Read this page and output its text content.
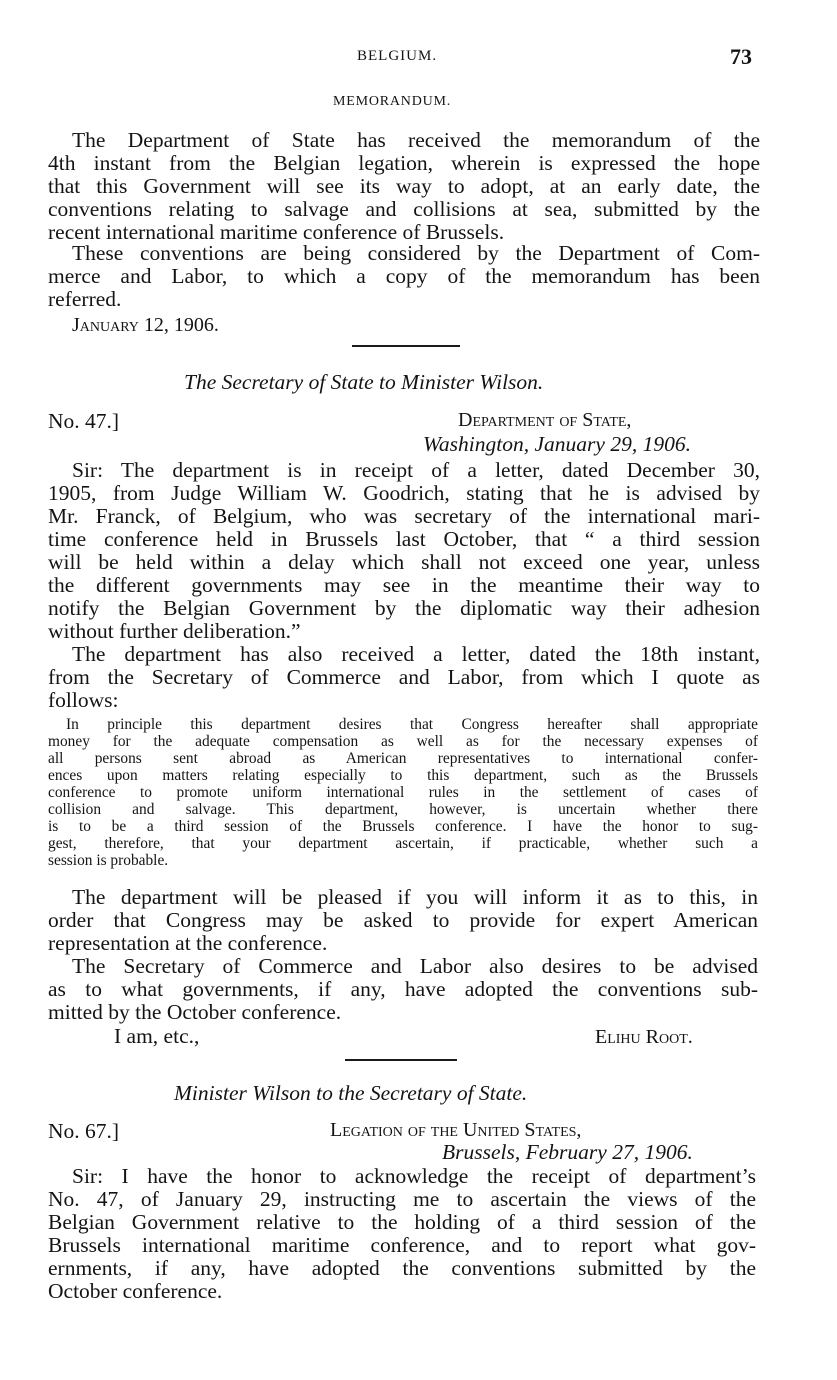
BELGIUM.	73
MEMORANDUM.
The Department of State has received the memorandum of the
4th instant from the Belgian legation, wherein is expressed the hope
that this Government will see its way to adopt, at an early date, the
conventions relating to salvage and collisions at sea, submitted by the
recent international maritime conference of Brussels.
These conventions are being considered by the Department of Com-
merce and Labor, to which a copy of the memorandum has been
referred.
January 12, 1906.
The Secretary of State to Minister Wilson.
No. 47.]	Department of State,
Washington, January 29, 1906.
Sir: The department is in receipt of a letter, dated December 30,
1905, from Judge William W. Goodrich, stating that he is advised by
Mr. Franck, of Belgium, who was secretary of the international mari-
time conference held in Brussels last October, that “ a third session
will be held within a delay which shall not exceed one year, unless
the different governments may see in the meantime their way to
notify the Belgian Government by the diplomatic way their adhesion
without further deliberation.”
The department has also received a letter, dated the 18th instant,
from the Secretary of Commerce and Labor, from which I quote as
follows:
In principle this department desires that Congress hereafter shall appropriate
money for the adequate compensation as well as for the necessary expenses of
all persons sent abroad as American representatives to international confer-
ences upon matters relating especially to this department, such as the Brussels
conference to promote uniform international rules in the settlement of cases of
collision and salvage. This department, however, is uncertain whether there
is to be a third session of the Brussels conference. I have the honor to sug-
gest, therefore, that your department ascertain, if practicable, whether such a
session is probable.
The department will be pleased if you will inform it as to this, in
order that Congress may be asked to provide for expert American
representation at the conference.
The Secretary of Commerce and Labor also desires to be advised
as to what governments, if any, have adopted the conventions sub-
mitted by the October conference.
I am, etc.,	Elihu Root.
Minister Wilson to the Secretary of State.
No. 67.]	Legation of the United States,
Brussels, February 27, 1906.
Sir: I have the honor to acknowledge the receipt of department’s
No. 47, of January 29, instructing me to ascertain the views of the
Belgian Government relative to the holding of a third session of the
Brussels international maritime conference, and to report what gov-
ernments, if any, have adopted the conventions submitted by the
October conference.
